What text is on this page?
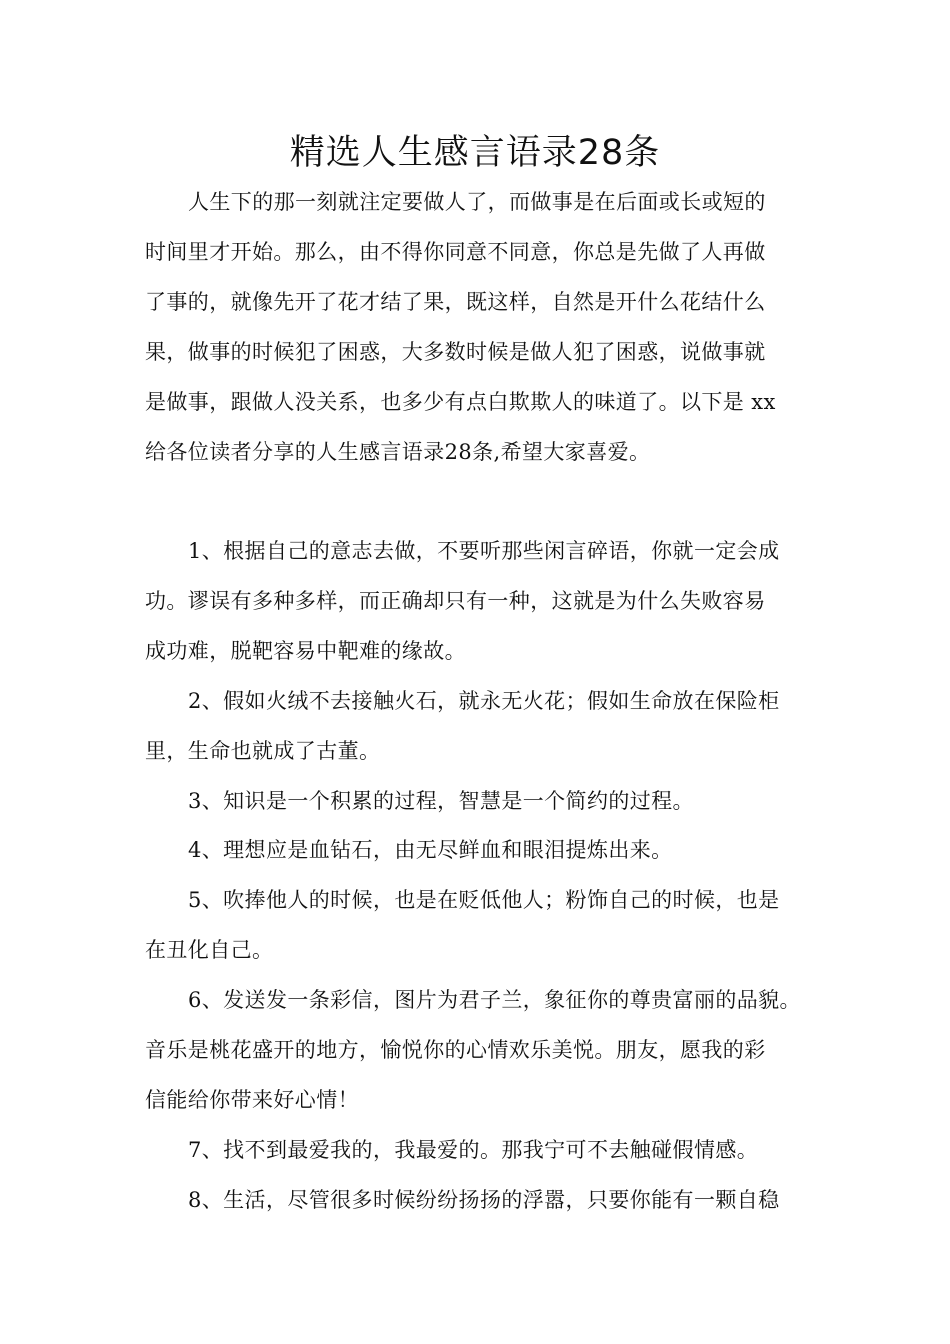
精选人生感言语录28条

人生下的那一刻就注定要做人了，而做事是在后面或长或短的

时间里才开始。那么，由不得你同意不同意，你总是先做了人再做

了事的，就像先开了花才结了果，既这样，自然是开什么花结什么

果，做事的时候犯了困惑，大多数时候是做人犯了困惑，说做事就

是做事，跟做人没关系，也多少有点白欺欺人的味道了。以下是 xx

给各位读者分享的人生感言语录28条,希望大家喜爱。

1、根据自己的意志去做，不要听那些闲言碎语，你就一定会成

功。谬误有多种多样，而正确却只有一种，这就是为什么失败容易

成功难，脱靶容易中靶难的缘故。

2、假如火绒不去接触火石，就永无火花；假如生命放在保险柜

里，生命也就成了古董。

3、知识是一个积累的过程，智慧是一个简约的过程。

4、理想应是血钻石，由无尽鲜血和眼泪提炼出来。

5、吹捧他人的时候，也是在贬低他人；粉饰自己的时候，也是

在丑化自己。

6、发送发一条彩信，图片为君子兰，象征你的尊贵富丽的品貌。

音乐是桃花盛开的地方，愉悦你的心情欢乐美悦。朋友，愿我的彩

信能给你带来好心情！

7、找不到最爱我的，我最爱的。那我宁可不去触碰假情感。

8、生活，尽管很多时候纷纷扬扬的浮嚣，只要你能有一颗自稳
